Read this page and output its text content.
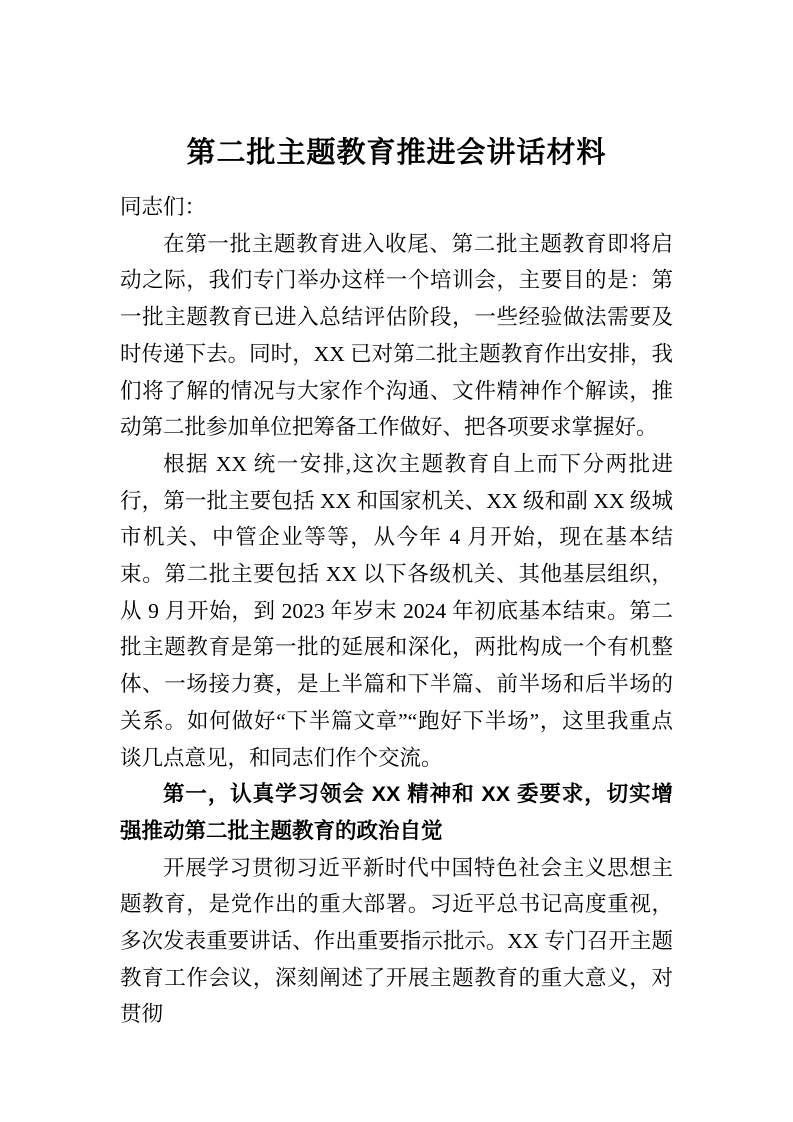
第二批主题教育推进会讲话材料

同志们：

在第一批主题教育进入收尾、第二批主题教育即将启动之际，我们专门举办这样一个培训会，主要目的是：第一批主题教育已进入总结评估阶段，一些经验做法需要及时传递下去。同时，XX 已对第二批主题教育作出安排，我们将了解的情况与大家作个沟通、文件精神作个解读，推动第二批参加单位把筹备工作做好、把各项要求掌握好。

根据 XX 统一安排,这次主题教育自上而下分两批进行，第一批主要包括 XX 和国家机关、XX 级和副 XX 级城市机关、中管企业等等，从今年 4 月开始，现在基本结束。第二批主要包括 XX 以下各级机关、其他基层组织，从 9 月开始，到 2023 年岁末 2024 年初底基本结束。第二批主题教育是第一批的延展和深化，两批构成一个有机整体、一场接力赛，是上半篇和下半篇、前半场和后半场的关系。如何做好“下半篇文章”“跑好下半场”，这里我重点谈几点意见，和同志们作个交流。

第一，认真学习领会 XX 精神和 XX 委要求，切实增强推动第二批主题教育的政治自觉

开展学习贯彻习近平新时代中国特色社会主义思想主题教育，是党作出的重大部署。习近平总书记高度重视，多次发表重要讲话、作出重要指示批示。XX 专门召开主题教育工作会议，深刻阐述了开展主题教育的重大意义，对贯彻
